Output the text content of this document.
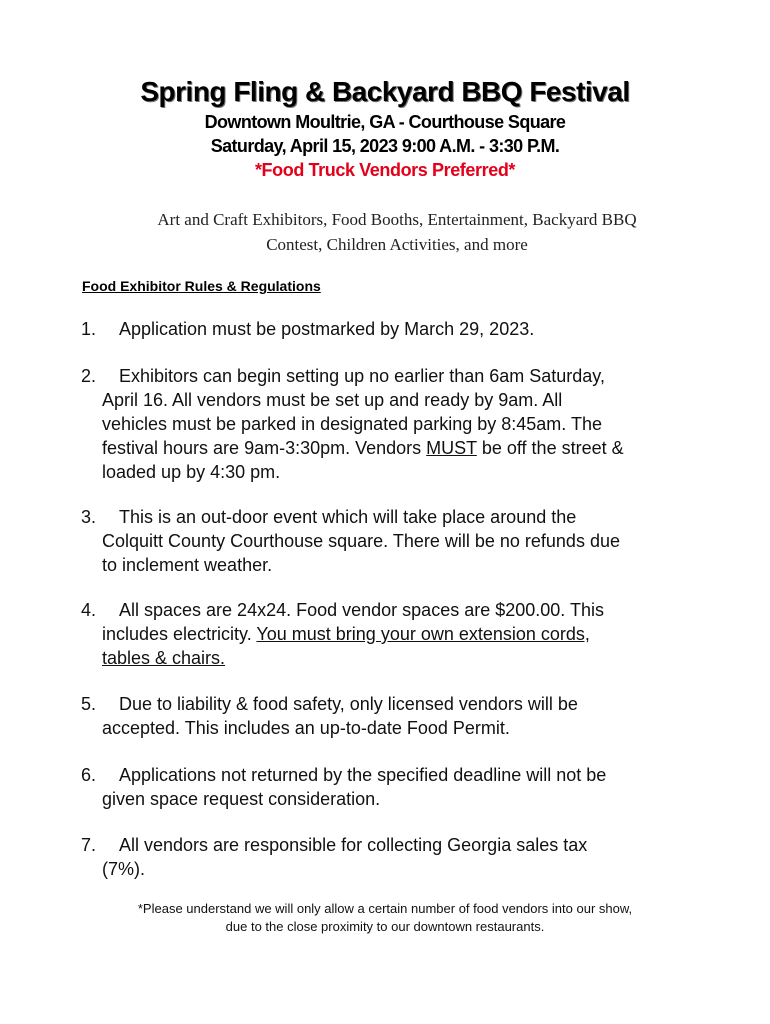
Spring Fling & Backyard BBQ Festival
Downtown Moultrie, GA - Courthouse Square
Saturday, April 15, 2023 9:00 A.M. - 3:30 P.M.
*Food Truck Vendors Preferred*
Art and Craft Exhibitors, Food Booths, Entertainment, Backyard BBQ
Contest, Children Activities, and more
Food Exhibitor Rules & Regulations
1. Application must be postmarked by March 29, 2023.
2. Exhibitors can begin setting up no earlier than 6am Saturday,
April 16. All vendors must be set up and ready by 9am. All
vehicles must be parked in designated parking by 8:45am. The
festival hours are 9am-3:30pm. Vendors MUST be off the street &
loaded up by 4:30 pm.
3. This is an out-door event which will take place around the
Colquitt County Courthouse square. There will be no refunds due
to inclement weather.
4. All spaces are 24x24. Food vendor spaces are $200.00. This
includes electricity. You must bring your own extension cords,
tables & chairs.
5. Due to liability & food safety, only licensed vendors will be
accepted. This includes an up-to-date Food Permit.
6. Applications not returned by the specified deadline will not be
given space request consideration.
7. All vendors are responsible for collecting Georgia sales tax
(7%).
*Please understand we will only allow a certain number of food vendors into our show,
due to the close proximity to our downtown restaurants.
